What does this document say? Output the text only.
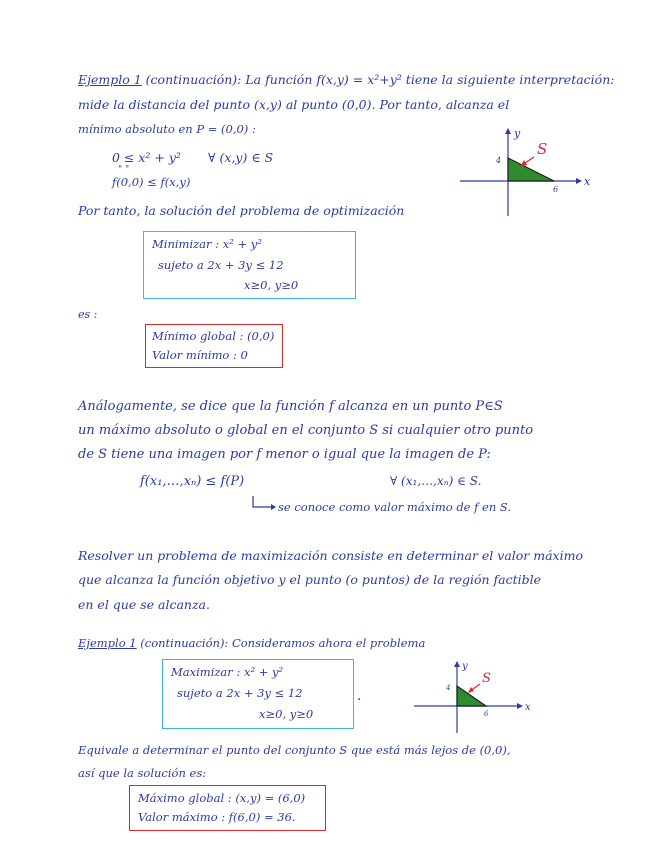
Ejemplo 1 (continuación): La función f(x,y) = x²+y² tiene la siguiente interpretación:
mide la distancia del punto (x,y) al punto (0,0). Por tanto, alcanza el
mínimo absoluto en P = (0,0) :
0 ≤ x² + y² ∀ (x,y) ∈ S
" "
f(0,0) ≤ f(x,y)
Por tanto, la solución del problema de optimización
y
x
4
6
S
Minimizar : x² + y²
sujeto a 2x + 3y ≤ 12
x≥0, y≥0
es :
Mínimo global : (0,0)
Valor mínimo : 0
Análogamente, se dice que la función f alcanza en un punto P∈S
un máximo absoluto o global en el conjunto S si cualquier otro punto
de S tiene una imagen por f menor o igual que la imagen de P:
f(x₁,…,xₙ) ≤ f(P)	∀ (x₁,…,xₙ) ∈ S.
se conoce como valor máximo de f en S.
Resolver un problema de maximización consiste en determinar el valor máximo
que alcanza la función objetivo y el punto (o puntos) de la región factible
en el que se alcanza.
Ejemplo 1 (continuación): Consideramos ahora el problema
Maximizar : x² + y²
sujeto a 2x + 3y ≤ 12
x≥0, y≥0
.
y
x
4
6
S
Equivale a determinar el punto del conjunto S que está más lejos de (0,0),
así que la solución es:
Máximo global : (x,y) = (6,0)
Valor máximo : f(6,0) = 36.
